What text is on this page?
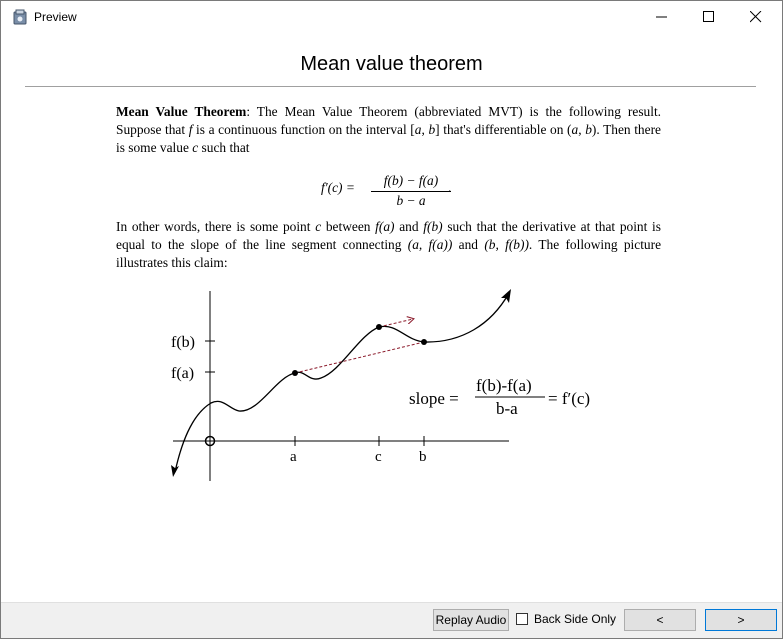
Preview
Mean value theorem
Mean Value Theorem: The Mean Value Theorem (abbreviated MVT) is the following result. Suppose that f is a continuous function on the interval [a, b] that's differentiable on (a, b). Then there is some value c such that
f′(c) =	f(b) − f(a)
b − a
.
In other words, there is some point c between f(a) and f(b) such that the derivative at that point is equal to the slope of the line segment connecting (a, f(a)) and (b, f(b)). The following picture illustrates this claim:
f(b)
f(a)
a	c b
slope =
f(b)-f(a)
b-a
= f′(c)
Replay Audio Back Side Only	<	>
